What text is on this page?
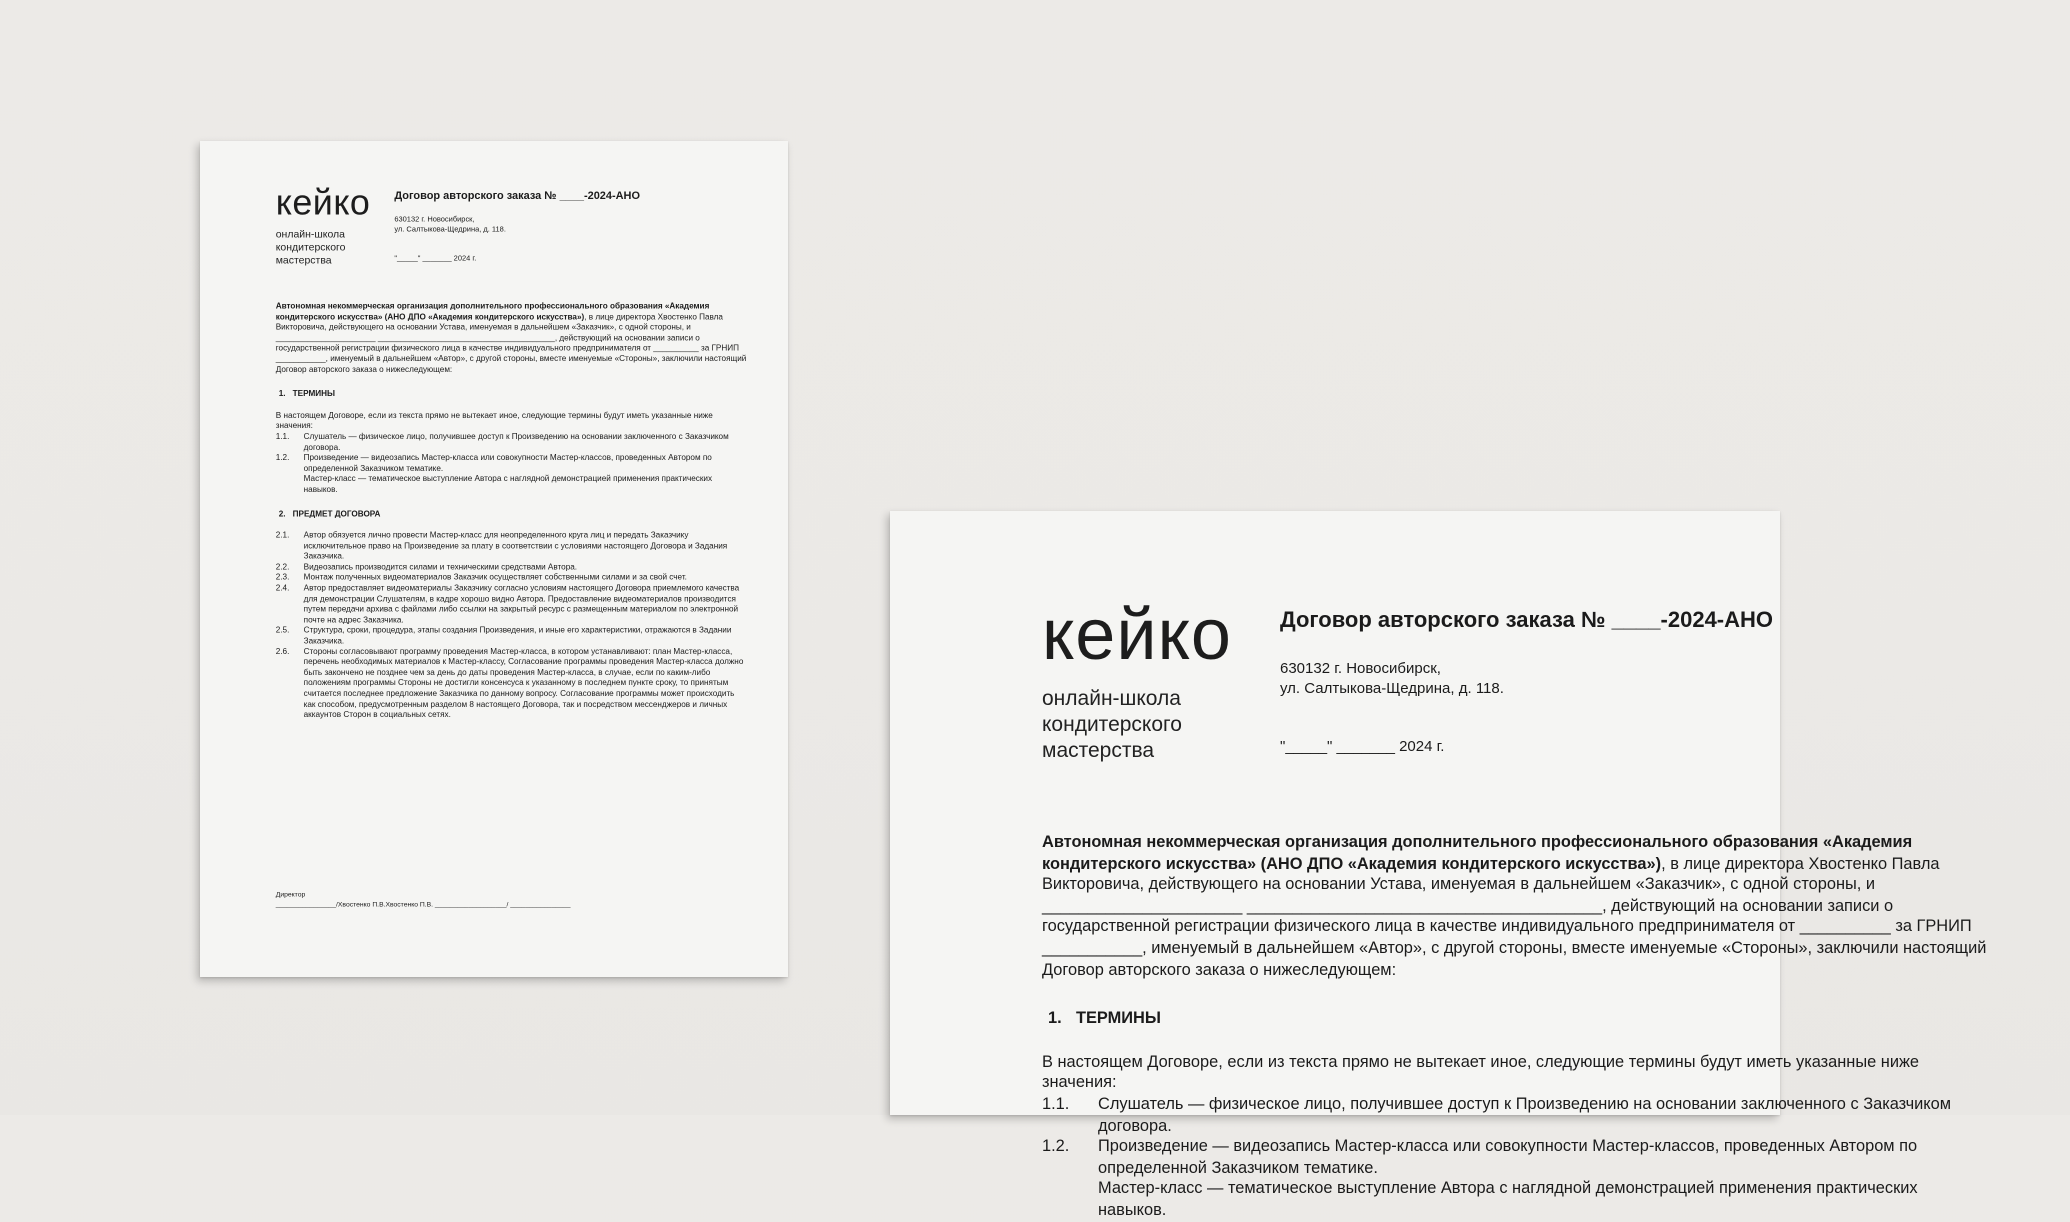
кейко
онлайн-школа
кондитерского
мастерства
Договор авторского заказа № ____-2024-АНО
630132 г. Новосибирск,
ул. Салтыкова-Щедрина, д. 118.
"_____" _______ 2024 г.

Автономная некоммерческая организация дополнительного профессионального образования «Академия кондитерского искусства» (АНО ДПО «Академия кондитерского искусства»), в лице директора Хвостенко Павла Викторовича, действующего на основании Устава, именуемая в дальнейшем «Заказчик», с одной стороны, и ______________________ _______________________________________, действующий на основании записи о государственной регистрации физического лица в качестве индивидуального предпринимателя от __________ за ГРНИП ___________, именуемый в дальнейшем «Автор», с другой стороны, вместе именуемые «Стороны», заключили настоящий Договор авторского заказа о нижеследующем:

1. ТЕРМИНЫ

В настоящем Договоре, если из текста прямо не вытекает иное, следующие термины будут иметь указанные ниже значения:

1.1.	Слушатель — физическое лицо, получившее доступ к Произведению на основании заключенного с Заказчиком договора.
1.2.	Произведение — видеозапись Мастер-класса или совокупности Мастер-классов, проведенных Автором по определенной Заказчиком тематике.
Мастер-класс — тематическое выступление Автора с наглядной демонстрацией применения практических навыков.
2. ПРЕДМЕТ ДОГОВОРА
2.1.	Автор обязуется лично провести Мастер-класс для неопределенного круга лиц и передать Заказчику исключительное право на Произведение за плату в соответствии с условиями настоящего Договора и Задания Заказчика.
2.2.	Видеозапись производится силами и техническими средствами Автора.
2.3.	Монтаж полученных видеоматериалов Заказчик осуществляет собственными силами и за свой счет.
2.4.	Автор предоставляет видеоматериалы Заказчику согласно условиям настоящего Договора приемлемого качества для демонстрации Слушателям, в кадре хорошо видно Автора. Предоставление видеоматериалов производится путем передачи архива с файлами либо ссылки на закрытый ресурс с размещенным материалом по электронной почте на адрес Заказчика.
2.5.	Структура, сроки, процедура, этапы создания Произведения, и иные его характеристики, отражаются в Задании Заказчика.
2.6.	Стороны согласовывают программу проведения Мастер-класса, в котором устанавливают: план Мастер-класса, перечень необходимых материалов к Мастер-классу, Согласование программы проведения Мастер-класса должно быть закончено не позднее чем за день до даты проведения Мастер-класса, в случае, если по каким-либо положениям программы Стороны не достигли консенсуса к указанному в последнем пункте сроку, то принятым считается последнее предложение Заказчика по данному вопросу. Согласование программы может происходить как способом, предусмотренным разделом 8 настоящего Договора, так и посредством мессенджеров и личных аккаунтов Сторон в социальных сетях.
Директор
________________/Хвостенко П.В.Хвостенко П.В. ___________________/ ________________
кейко
онлайн-школа
кондитерского
мастерства
Договор авторского заказа № ____-2024-АНО
630132 г. Новосибирск,
ул. Салтыкова-Щедрина, д. 118.
"_____" _______ 2024 г.

Автономная некоммерческая организация дополнительного профессионального образования «Академия кондитерского искусства» (АНО ДПО «Академия кондитерского искусства»), в лице директора Хвостенко Павла Викторовича, действующего на основании Устава, именуемая в дальнейшем «Заказчик», с одной стороны, и ______________________ _______________________________________, действующий на основании записи о государственной регистрации физического лица в качестве индивидуального предпринимателя от __________ за ГРНИП ___________, именуемый в дальнейшем «Автор», с другой стороны, вместе именуемые «Стороны», заключили настоящий Договор авторского заказа о нижеследующем:

1. ТЕРМИНЫ

В настоящем Договоре, если из текста прямо не вытекает иное, следующие термины будут иметь указанные ниже значения:

1.1.	Слушатель — физическое лицо, получившее доступ к Произведению на основании заключенного с Заказчиком договора.
1.2.	Произведение — видеозапись Мастер-класса или совокупности Мастер-классов, проведенных Автором по определенной Заказчиком тематике.
Мастер-класс — тематическое выступление Автора с наглядной демонстрацией применения практических навыков.
